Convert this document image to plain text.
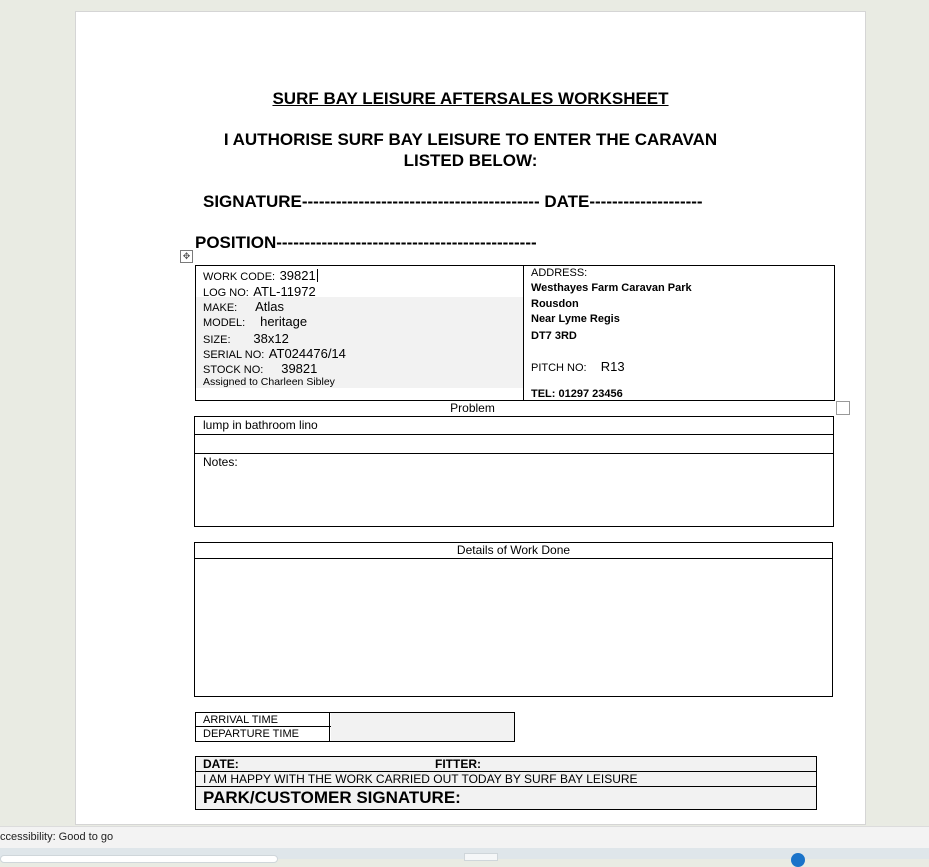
SURF BAY LEISURE AFTERSALES WORKSHEET
I AUTHORISE SURF BAY LEISURE TO ENTER THE CARAVAN
LISTED BELOW:
SIGNATURE------------------------------------------ DATE--------------------
POSITION----------------------------------------------
✥
WORK CODE: 39821
LOG NO: ATL-11972
MAKE: Atlas
MODEL: heritage
SIZE: 38x12
SERIAL NO: AT024476/14
STOCK NO: 39821
Assigned to Charleen Sibley
ADDRESS:
Westhayes Farm Caravan Park
Rousdon
Near Lyme Regis
DT7 3RD
PITCH NO: R13
TEL: 01297 23456
Problem
lump in bathroom lino
Notes:
Details of Work Done
ARRIVAL TIME
DEPARTURE TIME
DATE:	FITTER:
I AM HAPPY WITH THE WORK CARRIED OUT TODAY BY SURF BAY LEISURE
PARK/CUSTOMER SIGNATURE:
ccessibility: Good to go
